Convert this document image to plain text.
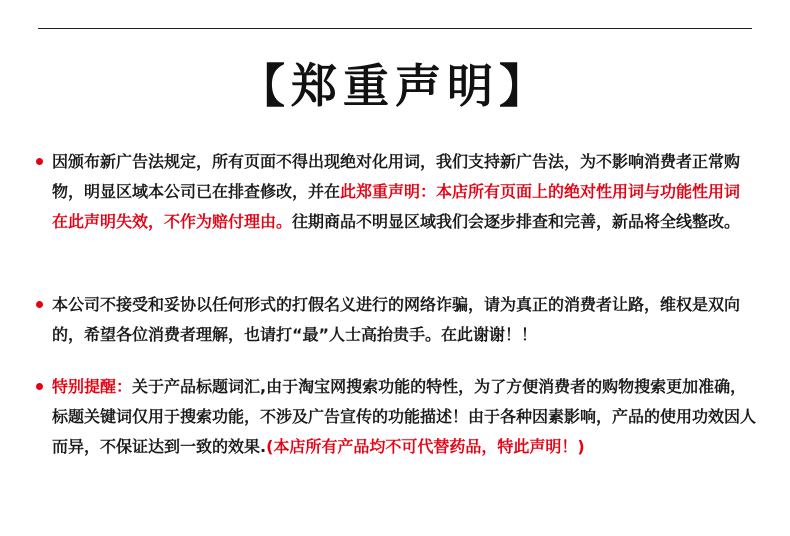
【郑重声明】
因颁布新广告法规定，所有页面不得出现绝对化用词，我们支持新广告法，为不影响消费者正常购物，明显区域本公司已在排查修改，并在此郑重声明：本店所有页面上的绝对性用词与功能性用词在此声明失效，不作为赔付理由。往期商品不明显区域我们会逐步排查和完善，新品将全线整改。
本公司不接受和妥协以任何形式的打假名义进行的网络诈骗，请为真正的消费者让路，维权是双向的，希望各位消费者理解，也请打“最”人士高抬贵手。在此谢谢！！
特别提醒：关于产品标题词汇,由于淘宝网搜索功能的特性，为了方便消费者的购物搜索更加准确，标题关键词仅用于搜索功能，不涉及广告宣传的功能描述！由于各种因素影响，产品的使用功效因人而异，不保证达到一致的效果.(本店所有产品均不可代替药品，特此声明！)
